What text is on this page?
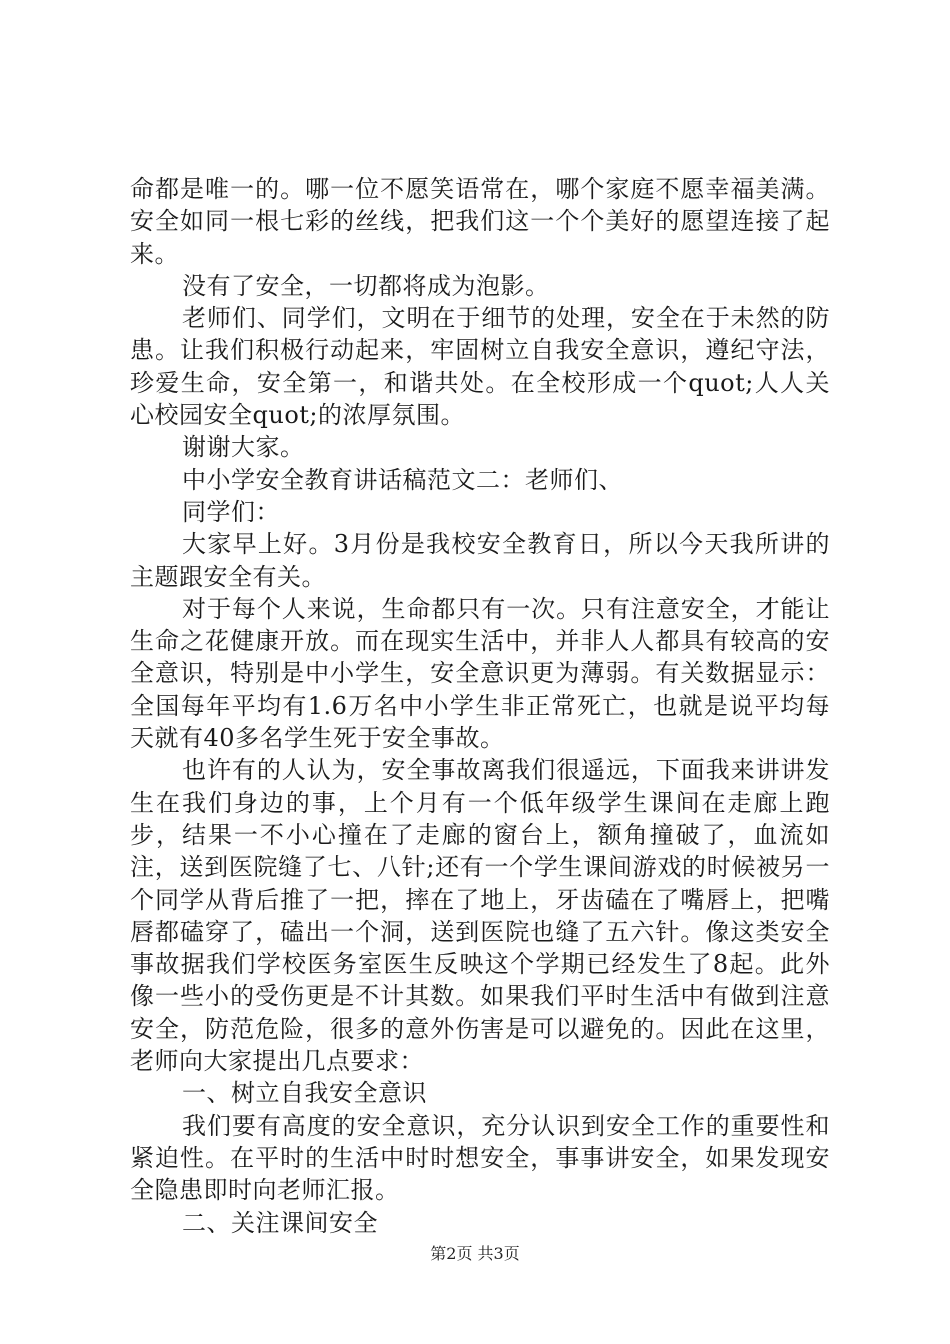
命都是唯一的。哪一位不愿笑语常在，哪个家庭不愿幸福美满。安全如同一根七彩的丝线，把我们这一个个美好的愿望连接了起来。

没有了安全，一切都将成为泡影。

老师们、同学们，文明在于细节的处理，安全在于未然的防患。让我们积极行动起来，牢固树立自我安全意识，遵纪守法，珍爱生命，安全第一，和谐共处。在全校形成一个quot;人人关心校园安全quot;的浓厚氛围。

谢谢大家。

中小学安全教育讲话稿范文二：老师们、

同学们：

大家早上好。3月份是我校安全教育日，所以今天我所讲的主题跟安全有关。

对于每个人来说，生命都只有一次。只有注意安全，才能让生命之花健康开放。而在现实生活中，并非人人都具有较高的安全意识，特别是中小学生，安全意识更为薄弱。有关数据显示：全国每年平均有1.6万名中小学生非正常死亡，也就是说平均每天就有40多名学生死于安全事故。

也许有的人认为，安全事故离我们很遥远，下面我来讲讲发生在我们身边的事，上个月有一个低年级学生课间在走廊上跑步，结果一不小心撞在了走廊的窗台上，额角撞破了，血流如注，送到医院缝了七、八针;还有一个学生课间游戏的时候被另一个同学从背后推了一把，摔在了地上，牙齿磕在了嘴唇上，把嘴唇都磕穿了，磕出一个洞，送到医院也缝了五六针。像这类安全事故据我们学校医务室医生反映这个学期已经发生了8起。此外像一些小的受伤更是不计其数。如果我们平时生活中有做到注意安全，防范危险，很多的意外伤害是可以避免的。因此在这里，老师向大家提出几点要求：

一、树立自我安全意识

我们要有高度的安全意识，充分认识到安全工作的重要性和紧迫性。在平时的生活中时时想安全，事事讲安全，如果发现安全隐患即时向老师汇报。

二、关注课间安全

第2页 共3页
